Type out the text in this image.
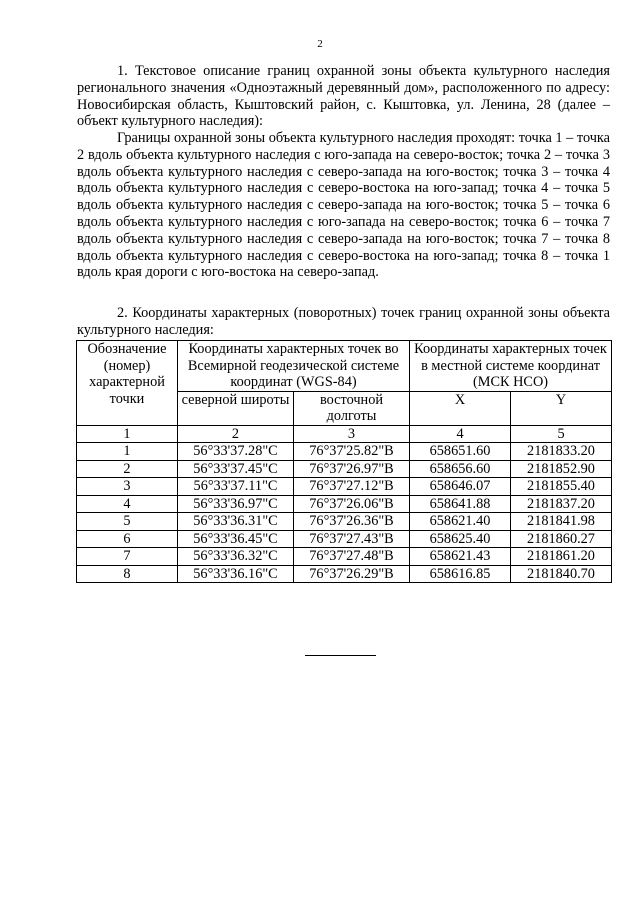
2

1. Текстовое описание границ охранной зоны объекта культурного наследия регионального значения «Одноэтажный деревянный дом», расположенного по адресу: Новосибирская область, Кыштовский район, с. Кыштовка, ул. Ленина, 28 (далее – объект культурного наследия):

Границы охранной зоны объекта культурного наследия проходят: точка 1 – точка 2 вдоль объекта культурного наследия с юго-запада на северо-восток; точка 2 – точка 3 вдоль объекта культурного наследия с северо-запада на юго-восток; точка 3 – точка 4 вдоль объекта культурного наследия с северо-востока на юго-запад; точка 4 – точка 5 вдоль объекта культурного наследия с северо-запада на юго-восток; точка 5 – точка 6 вдоль объекта культурного наследия с юго-запада на северо-восток; точка 6 – точка 7 вдоль объекта культурного наследия с северо-запада на юго-восток; точка 7 – точка 8 вдоль объекта культурного наследия с северо-востока на юго-запад; точка 8 – точка 1 вдоль края дороги с юго-востока на северо-запад.

2. Координаты характерных (поворотных) точек границ охранной зоны объекта культурного наследия:

Обозначение (номер) характерной точки	Координаты характерных точек во Всемирной геодезической системе координат (WGS-84)		Координаты характерных точек в местной системе координат (МСК НСО)	
	северной широты	восточной долготы	X	Y
1	2	3	4	5
1	56°33'37.28"С	76°37'25.82"В	658651.60	2181833.20
2	56°33'37.45"С	76°37'26.97"В	658656.60	2181852.90
3	56°33'37.11"С	76°37'27.12"В	658646.07	2181855.40
4	56°33'36.97"С	76°37'26.06"В	658641.88	2181837.20
5	56°33'36.31"С	76°37'26.36"В	658621.40	2181841.98
6	56°33'36.45"С	76°37'27.43"В	658625.40	2181860.27
7	56°33'36.32"С	76°37'27.48"В	658621.43	2181861.20
8	56°33'36.16"С	76°37'26.29"В	658616.85	2181840.70
